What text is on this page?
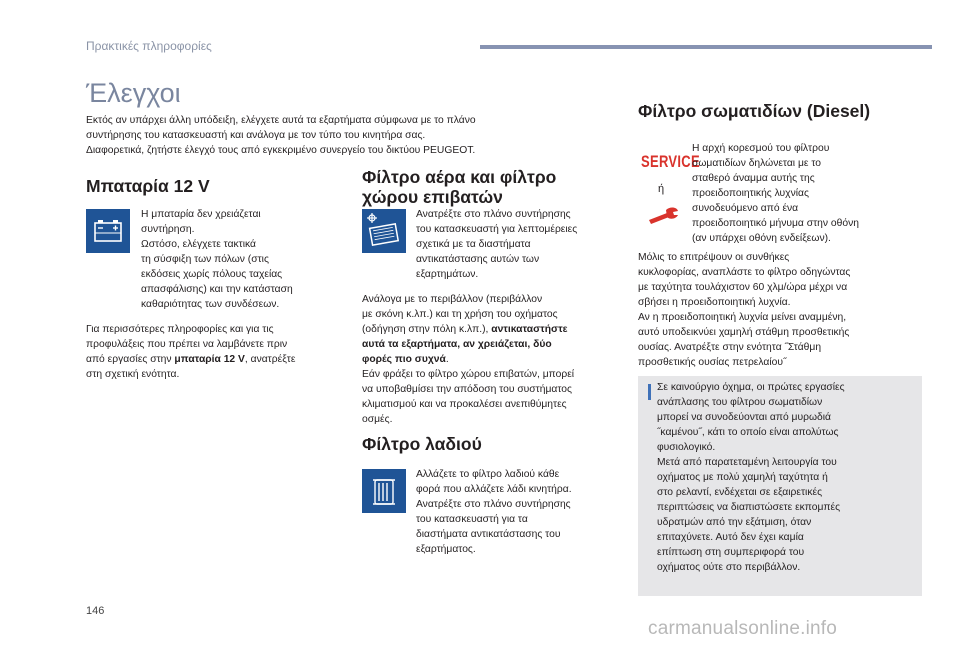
Πρακτικές πληροφορίες
Έλεγχοι
Εκτός αν υπάρχει άλλη υπόδειξη, ελέγχετε αυτά τα εξαρτήματα σύμφωνα με το πλάνο
συντήρησης του κατασκευαστή και ανάλογα με τον τύπο του κινητήρα σας.
Διαφορετικά, ζητήστε έλεγχό τους από εγκεκριμένο συνεργείο του δικτύου PEUGEOT.
Μπαταρία 12 V
Η μπαταρία δεν χρειάζεται
συντήρηση.
Ωστόσο, ελέγχετε τακτικά
τη σύσφιξη των πόλων (στις
εκδόσεις χωρίς πόλους ταχείας
απασφάλισης) και την κατάσταση
καθαριότητας των συνδέσεων.
Για περισσότερες πληροφορίες και για τις
προφυλάξεις που πρέπει να λαμβάνετε πριν
από εργασίες στην μπαταρία 12 V, ανατρέξτε
στη σχετική ενότητα.
Φίλτρο αέρα και φίλτρο
χώρου επιβατών
Ανατρέξτε στο πλάνο συντήρησης
του κατασκευαστή για λεπτομέρειες
σχετικά με τα διαστήματα
αντικατάστασης αυτών των
εξαρτημάτων.
Ανάλογα με το περιβάλλον (περιβάλλον
με σκόνη κ.λπ.) και τη χρήση του οχήματος
(οδήγηση στην πόλη κ.λπ.), αντικαταστήστε
αυτά τα εξαρτήματα, αν χρειάζεται, δύο
φορές πιο συχνά.
Εάν φράξει το φίλτρο χώρου επιβατών, μπορεί
να υποβαθμίσει την απόδοση του συστήματος
κλιματισμού και να προκαλέσει ανεπιθύμητες
οσμές.
Φίλτρο λαδιού
Αλλάζετε το φίλτρο λαδιού κάθε
φορά που αλλάζετε λάδι κινητήρα.
Ανατρέξτε στο πλάνο συντήρησης
του κατασκευαστή για τα
διαστήματα αντικατάστασης του
εξαρτήματος.
Φίλτρο σωματιδίων (Diesel)
SERVICE
ή
Η αρχή κορεσμού του φίλτρου
σωματιδίων δηλώνεται με το
σταθερό άναμμα αυτής της
προειδοποιητικής λυχνίας
συνοδευόμενο από ένα
προειδοποιητικό μήνυμα στην οθόνη
(αν υπάρχει οθόνη ενδείξεων).
Μόλις το επιτρέψουν οι συνθήκες
κυκλοφορίας, αναπλάστε το φίλτρο οδηγώντας
με ταχύτητα τουλάχιστον 60 χλμ/ώρα μέχρι να
σβήσει η προειδοποιητική λυχνία.
Αν η προειδοποιητική λυχνία μείνει αναμμένη,
αυτό υποδεικνύει χαμηλή στάθμη προσθετικής
ουσίας. Ανατρέξτε στην ενότητα ˝Στάθμη
προσθετικής ουσίας πετρελαίου˝
Σε καινούργιο όχημα, οι πρώτες εργασίες
ανάπλασης του φίλτρου σωματιδίων
μπορεί να συνοδεύονται από μυρωδιά
˝καμένου˝, κάτι το οποίο είναι απολύτως
φυσιολογικό.
Μετά από παρατεταμένη λειτουργία του
οχήματος με πολύ χαμηλή ταχύτητα ή
στο ρελαντί, ενδέχεται σε εξαιρετικές
περιπτώσεις να διαπιστώσετε εκπομπές
υδρατμών από την εξάτμιση, όταν
επιταχύνετε. Αυτό δεν έχει καμία
επίπτωση στη συμπεριφορά του
οχήματος ούτε στο περιβάλλον.
146
carmanualsonline.info
